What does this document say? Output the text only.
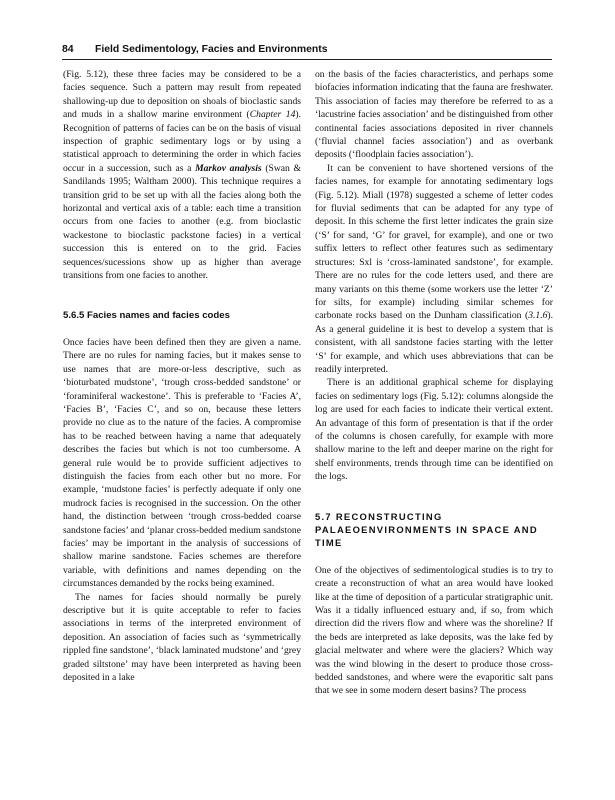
84 Field Sedimentology, Facies and Environments

(Fig. 5.12), these three facies may be considered to be a facies sequence. Such a pattern may result from repeated shallowing-up due to deposition on shoals of bioclastic sands and muds in a shallow marine environment (Chapter 14). Recognition of patterns of facies can be on the basis of visual inspection of graphic sedimentary logs or by using a statistical approach to determining the order in which facies occur in a succession, such as a Markov analysis (Swan & Sandilands 1995; Waltham 2000). This technique requires a transition grid to be set up with all the facies along both the horizontal and vertical axis of a table: each time a transition occurs from one facies to another (e.g. from bioclastic wackestone to bioclastic packstone facies) in a vertical succession this is entered on to the grid. Facies sequences/sucessions show up as higher than average transitions from one facies to another.

5.6.5 Facies names and facies codes

Once facies have been defined then they are given a name. There are no rules for naming facies, but it makes sense to use names that are more-or-less descriptive, such as ‘bioturbated mudstone’, ‘trough cross-bedded sandstone’ or ‘foraminiferal wackestone’. This is preferable to ‘Facies A’, ‘Facies B’, ‘Facies C’, and so on, because these letters provide no clue as to the nature of the facies. A compromise has to be reached between having a name that adequately describes the facies but which is not too cumbersome. A general rule would be to provide sufficient adjectives to distinguish the facies from each other but no more. For example, ‘mudstone facies’ is perfectly adequate if only one mudrock facies is recognised in the succession. On the other hand, the distinction between ‘trough cross-bedded coarse sandstone facies’ and ‘planar cross-bedded medium sandstone facies’ may be important in the analysis of successions of shallow marine sandstone. Facies schemes are therefore variable, with definitions and names depending on the circumstances demanded by the rocks being examined.

The names for facies should normally be purely descriptive but it is quite acceptable to refer to facies associations in terms of the interpreted environment of deposition. An association of facies such as ‘symmetrically rippled fine sandstone’, ‘black laminated mudstone’ and ‘grey graded siltstone’ may have been interpreted as having been deposited in a lake

on the basis of the facies characteristics, and perhaps some biofacies information indicating that the fauna are freshwater. This association of facies may therefore be referred to as a ‘lacustrine facies association’ and be distinguished from other continental facies associations deposited in river channels (‘fluvial channel facies association’) and as overbank deposits (‘floodplain facies association’).

It can be convenient to have shortened versions of the facies names, for example for annotating sedimentary logs (Fig. 5.12). Miall (1978) suggested a scheme of letter codes for fluvial sediments that can be adapted for any type of deposit. In this scheme the first letter indicates the grain size (‘S’ for sand, ‘G’ for gravel, for example), and one or two suffix letters to reflect other features such as sedimentary structures: Sxl is ‘cross-laminated sandstone’, for example. There are no rules for the code letters used, and there are many variants on this theme (some workers use the letter ‘Z’ for silts, for example) including similar schemes for carbonate rocks based on the Dunham classification (3.1.6). As a general guideline it is best to develop a system that is consistent, with all sandstone facies starting with the letter ‘S’ for example, and which uses abbreviations that can be readily interpreted.

There is an additional graphical scheme for displaying facies on sedimentary logs (Fig. 5.12): columns alongside the log are used for each facies to indicate their vertical extent. An advantage of this form of presentation is that if the order of the columns is chosen carefully, for example with more shallow marine to the left and deeper marine on the right for shelf environments, trends through time can be identified on the logs.

5.7 RECONSTRUCTING PALAEOENVIRONMENTS IN SPACE AND TIME

One of the objectives of sedimentological studies is to try to create a reconstruction of what an area would have looked like at the time of deposition of a particular stratigraphic unit. Was it a tidally influenced estuary and, if so, from which direction did the rivers flow and where was the shoreline? If the beds are interpreted as lake deposits, was the lake fed by glacial meltwater and where were the glaciers? Which way was the wind blowing in the desert to produce those cross-bedded sandstones, and where were the evaporitic salt pans that we see in some modern desert basins? The process
